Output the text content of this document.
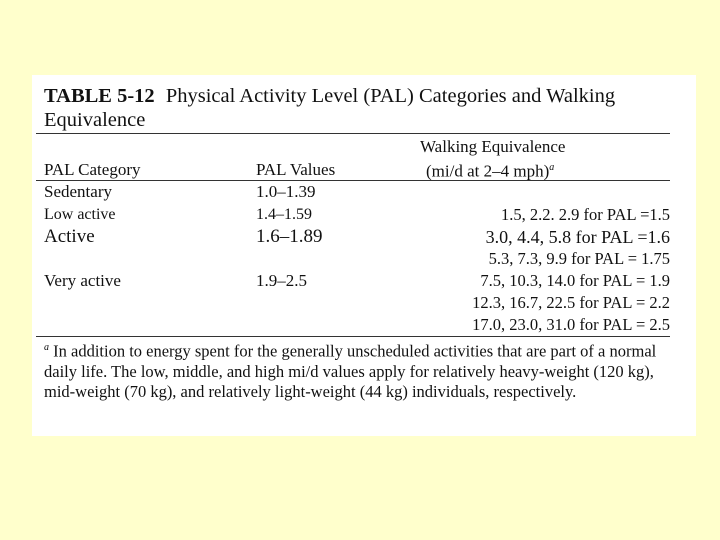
TABLE 5-12 Physical Activity Level (PAL) Categories and Walking Equivalence
Walking Equivalence
(mi/d at 2–4 mph)$^a$
PAL Category	PAL Values
Sedentary	1.0–1.39
Low active	1.4–1.59	1.5, 2.2. 2.9 for PAL =1.5
Active	1.6–1.89	3.0, 4.4, 5.8 for PAL =1.6
5.3, 7.3, 9.9 for PAL = 1.75
Very active	1.9–2.5	7.5, 10.3, 14.0 for PAL = 1.9
12.3, 16.7, 22.5 for PAL = 2.2
17.0, 23.0, 31.0 for PAL = 2.5
$^a$ In addition to energy spent for the generally unscheduled activities that are part of a normal daily life. The low, middle, and high mi/d values apply for relatively heavy-weight (120 kg), mid-weight (70 kg), and relatively light-weight (44 kg) individuals, respectively.
